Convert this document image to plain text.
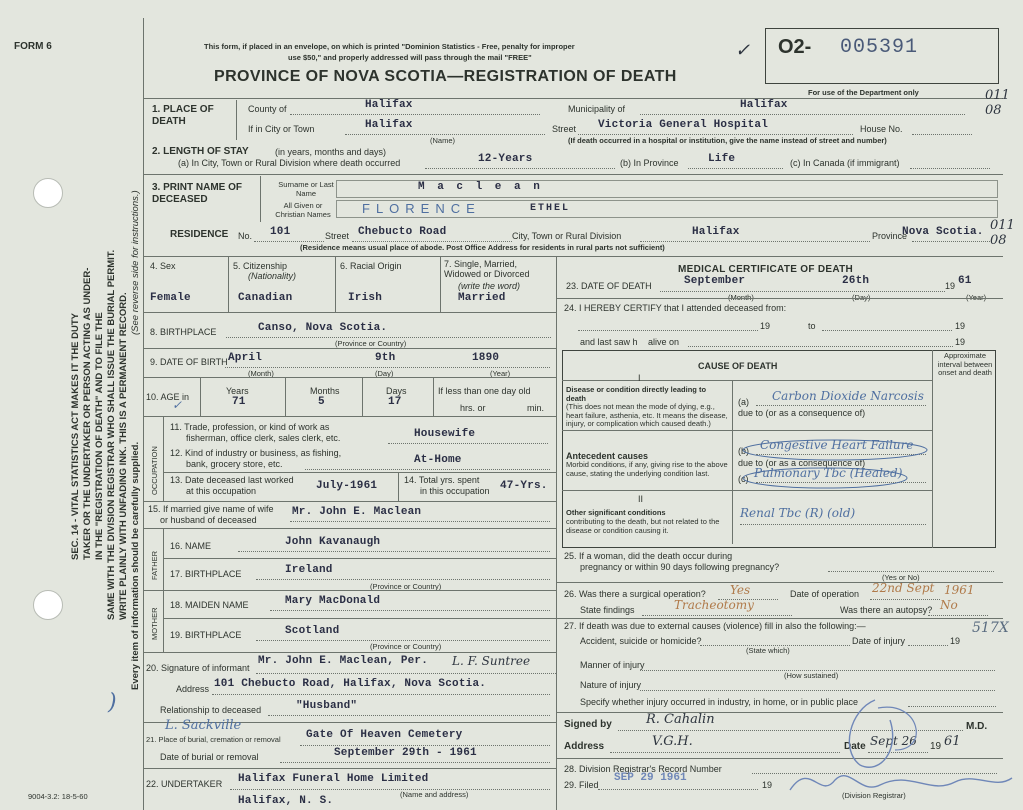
FORM 6
SEC. 14 - VITAL STATISTICS ACT MAKES IT THE DUTY TAKER OR THE UNDERTAKER OR PERSON ACTING AS UNDER- IN THE "REGISTRATION OF DEATH" AND TO FILE THE SAME WITH THE DIVISION REGISTRAR WHO SHALL ISSUE THE BURIAL PERMIT. WRITE PLAINLY WITH UNFADING INK. THIS IS A PERMANENT RECORD. Every item of information should be carefully supplied.
(See reverse side for instructions.)
9004-3.2: 18-5-60
This form, if placed in an envelope, on which is printed "Dominion Statistics - Free, penalty for improper
use $50," and properly addressed will pass through the mail "FREE"
PROVINCE OF NOVA SCOTIA—REGISTRATION OF DEATH
O2- 005391
For use of the Department only
✓
1. PLACE OF DEATH
County of	Halifax	Municipality of	Halifax
If in City or Town	Halifax
(Name)
Street Victoria General Hospital	House No.
(If death occurred in a hospital or institution, give the name instead of street and number)
011 08
2. LENGTH OF STAY	(in years, months and days)
(a) In City, Town or Rural Division where death occurred	12-Years	(b) In Province	Life	(c) In Canada (if immigrant)
3. PRINT NAME OF DECEASED
Surname or Last Name
M a c l e a n
All Given or Christian Names	FLORENCE	ETHEL
RESIDENCE No. 101	Street Chebucto Road	City, Town or Rural Division	Halifax	Province
Nova Scotia.
(Residence means usual place of abode. Post Office Address for residents in rural parts not sufficient)
011 08
4. Sex
Female
5. Citizenship
(Nationality)
Canadian
6. Racial Origin
Irish
7. Single, Married, Widowed or Divorced
(write the word)
Married
8. BIRTHPLACE	Canso, Nova Scotia.
(Province or Country)
9. DATE OF BIRTH April	9th	1890
(Month)	(Day)	(Year)
10. AGE in
✓
Years
71
Months
5
Days
17
If less than one day old
hrs. or	min.
OCCUPATION
11. Trade, profession, or kind of work as
fisherman, office clerk, sales clerk, etc.	Housewife
12. Kind of industry or business, as fishing,
bank, grocery store, etc.	At-Home
13. Date deceased last worked
at this occupation	July-1961	14. Total yrs. spent
in this occupation 47-Yrs.
15. If married give name of wife
or husband of deceased
Mr. John E. Maclean
FATHER
16. NAME	John Kavanaugh
17. BIRTHPLACE	Ireland
(Province or Country)
MOTHER
18. MAIDEN NAME	Mary MacDonald
19. BIRTHPLACE	Scotland
(Province or Country)
20. Signature of informant
Mr. John E. Maclean, Per. L. F. Suntree
Address 101 Chebucto Road, Halifax, Nova Scotia.
Relationship to deceased	"Husband"
)
L. Sackville
21. Place of burial, cremation or removal Gate Of Heaven Cemetery
Date of burial or removal	September 29th - 1961
22. UNDERTAKER Halifax Funeral Home Limited
(Name and address)
Halifax, N. S.
MEDICAL CERTIFICATE OF DEATH
23. DATE OF DEATH	September	26th	19 61
(Month)	(Day)	(Year)
24. I HEREBY CERTIFY that I attended deceased from:
19	to	19
and last saw h alive on	19
CAUSE OF DEATH
Approximate interval between onset and death
I
Disease or condition directly leading to death
(This does not mean the mode of dying, e.g., heart failure, asthenia, etc. It means the disease, injury, or complication which caused death.)
(a) Carbon Dioxide Narcosis
due to (or as a consequence of)
Antecedent causes
Morbid conditions, if any, giving rise to the above cause, stating the underlying condition last.
(b) Congestive Heart Failure
due to (or as a consequence of)
(c) Pulmonary Tbc (Healed)
II
Other significant conditions
contributing to the death, but not related to the disease or condition causing it.
Renal Tbc (R) (old)
25. If a woman, did the death occur during
pregnancy or within 90 days following pregnancy?
(Yes or No)
26. Was there a surgical operation? Yes	Date of operation 22nd Sept 1961
State findings	Tracheotomy	Was there an autopsy? No
27. If death was due to external causes (violence) fill in also the following:—
Accident, suicide or homicide?	Date of injury	19
517X
(State which)
Manner of injury
(How sustained)
Nature of injury
Specify whether injury occurred in industry, in home, or in public place
Signed by	R. Cahalin	M.D.
Address	V.G.H.	Date Sept 26 19 61
28. Division Registrar's Record Number
29. Filed
SEP 29 1961
19
(Division Registrar)
